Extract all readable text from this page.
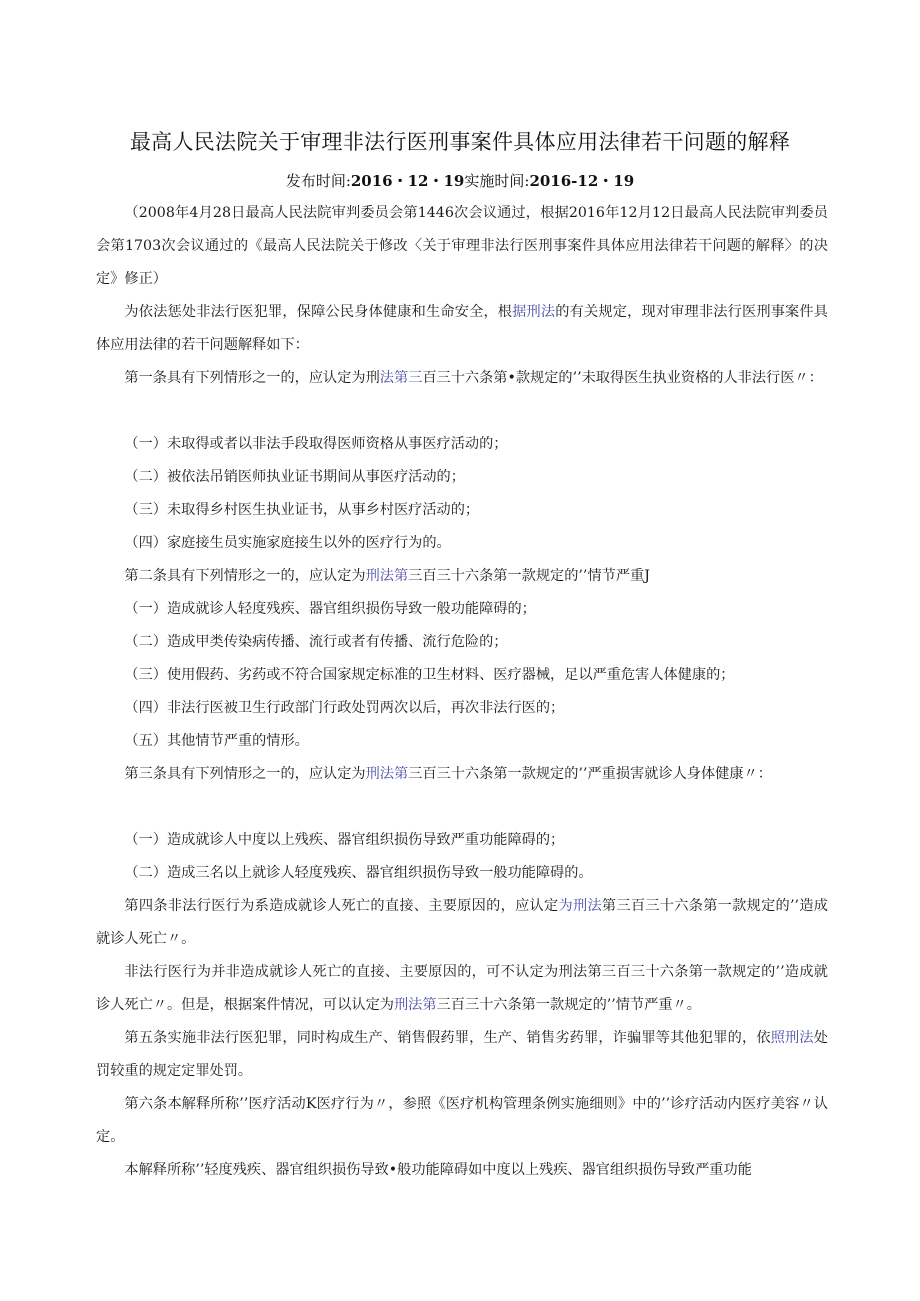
最高人民法院关于审理非法行医刑事案件具体应用法律若干问题的解释
发布时间:2016・12・19实施时间:2016-12・19

（2008年4月28日最高人民法院审判委员会第1446次会议通过，根据2016年12月12日最高人民法院审判委员会第1703次会议通过的《最高人民法院关于修改〈关于审理非法行医刑事案件具体应用法律若干问题的解释〉的决定》修正）

为依法惩处非法行医犯罪，保障公民身体健康和生命安全，根据刑法的有关规定，现对审理非法行医刑事案件具体应用法律的若干问题解释如下：

第一条具有下列情形之一的，应认定为刑法第三百三十六条第•款规定的’’未取得医生执业资格的人非法行医〃：

（一）未取得或者以非法手段取得医师资格从事医疗活动的；

（二）被依法吊销医师执业证书期间从事医疗活动的；

（三）未取得乡村医生执业证书，从事乡村医疗活动的；

（四）家庭接生员实施家庭接生以外的医疗行为的。

第二条具有下列情形之一的，应认定为刑法第三百三十六条第一款规定的’’情节严重J

（一）造成就诊人轻度残疾、器官组织损伤导致一般功能障碍的；

（二）造成甲类传染病传播、流行或者有传播、流行危险的；

（三）使用假药、劣药或不符合国家规定标准的卫生材料、医疗器械，足以严重危害人体健康的；

（四）非法行医被卫生行政部门行政处罚两次以后，再次非法行医的；

（五）其他情节严重的情形。

第三条具有下列情形之一的，应认定为刑法第三百三十六条第一款规定的’’严重损害就诊人身体健康〃：

（一）造成就诊人中度以上残疾、器官组织损伤导致严重功能障碍的；

（二）造成三名以上就诊人轻度残疾、器官组织损伤导致一般功能障碍的。

第四条非法行医行为系造成就诊人死亡的直接、主要原因的，应认定为刑法第三百三十六条第一款规定的’’造成就诊人死亡〃。

非法行医行为并非造成就诊人死亡的直接、主要原因的，可不认定为刑法第三百三十六条第一款规定的’’造成就诊人死亡〃。但是，根据案件情况，可以认定为刑法第三百三十六条第一款规定的’’情节严重〃。

第五条实施非法行医犯罪，同时构成生产、销售假药罪，生产、销售劣药罪，诈骗罪等其他犯罪的，依照刑法处罚较重的规定定罪处罚。

第六条本解释所称’’医疗活动Κ医疗行为〃，参照《医疗机构管理条例实施细则》中的’’诊疗活动内医疗美容〃认定。

本解释所称’’轻度残疾、器官组织损伤导致•般功能障碍如中度以上残疾、器官组织损伤导致严重功能
